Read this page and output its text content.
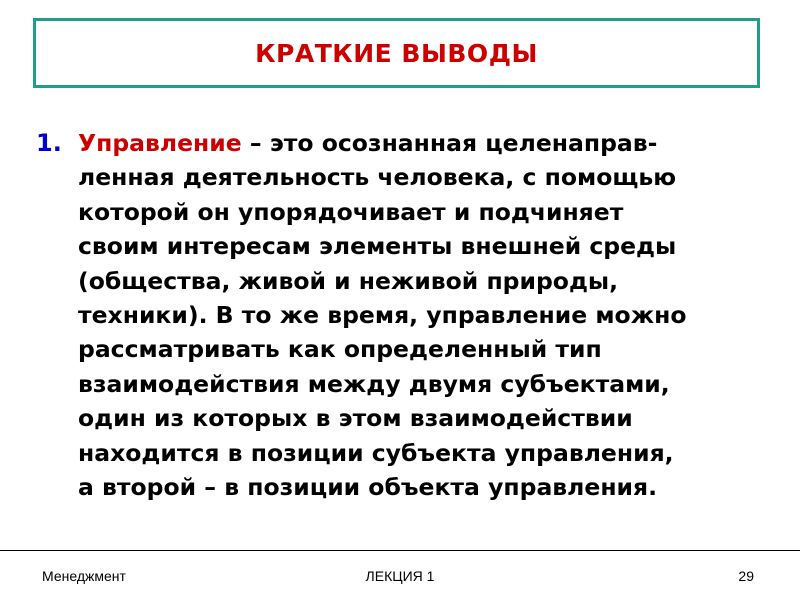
КРАТКИЕ ВЫВОДЫ
1. Управление – это осознанная целенаправ-
ленная деятельность человека, с помощью
которой он упорядочивает и подчиняет
своим интересам элементы внешней среды
(общества, живой и неживой природы,
техники). В то же время, управление можно
рассматривать как определенный тип
взаимодействия между двумя субъектами,
один из которых в этом взаимодействии
находится в позиции субъекта управления,
а второй – в позиции объекта управления.
Менеджмент	ЛЕКЦИЯ 1	29
